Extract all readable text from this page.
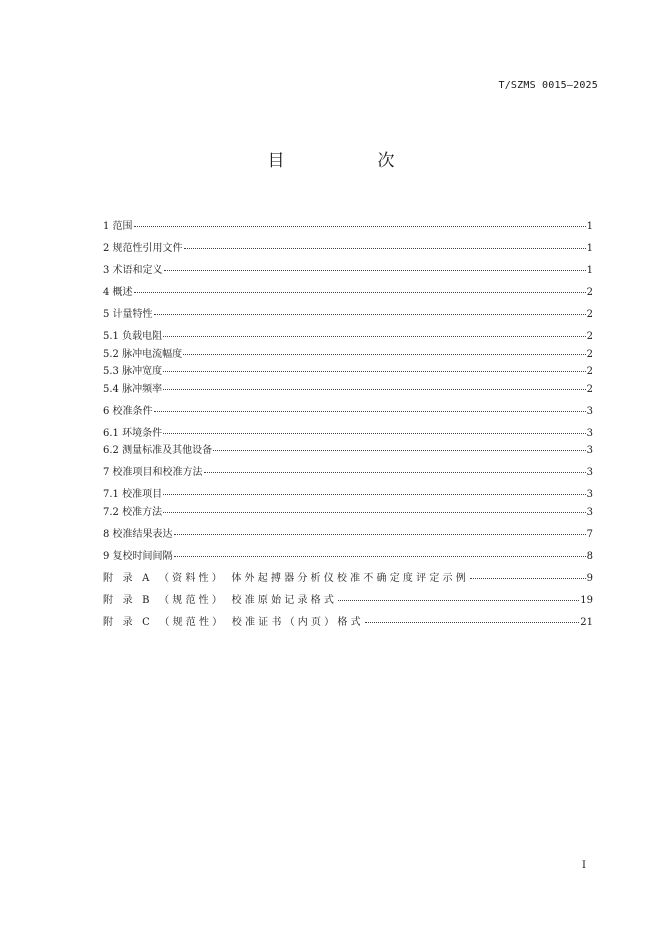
T/SZMS 0015—2025
目　次
1 范围	1
2 规范性引用文件	1
3 术语和定义	1
4 概述	2
5 计量特性	2
5.1 负载电阻	2
5.2 脉冲电流幅度	2
5.3 脉冲宽度	2
5.4 脉冲频率	2
6 校准条件	3
6.1 环境条件	3
6.2 测量标准及其他设备	3
7 校准项目和校准方法	3
7.1 校准项目	3
7.2 校准方法	3
8 校准结果表达	7
9 复校时间间隔	8
附 录 A （资料性） 体外起搏器分析仪校准不确定度评定示例	9
附 录 B （规范性） 校准原始记录格式	19
附 录 C （规范性） 校准证书（内页）格式	21
I
